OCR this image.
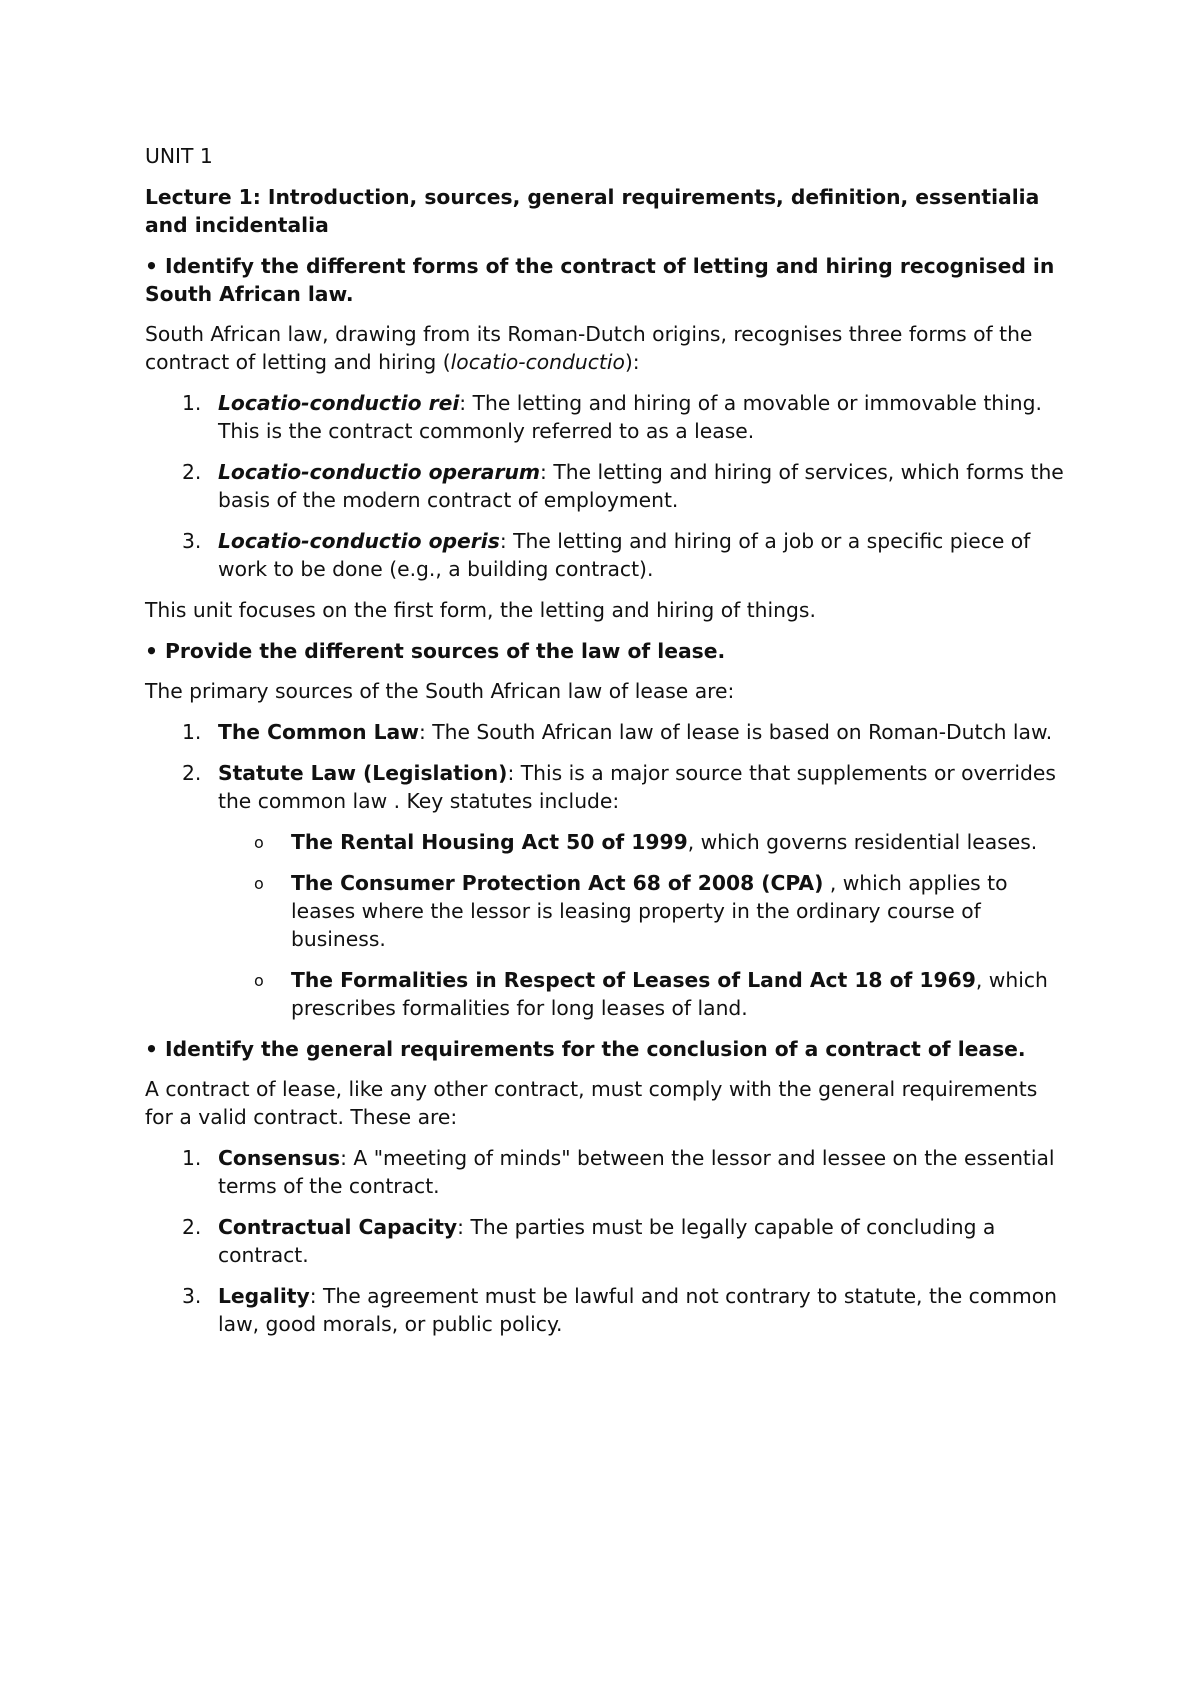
UNIT 1

Lecture 1: Introduction, sources, general requirements, definition, essentialia and incidentalia

• Identify the different forms of the contract of letting and hiring recognised in South African law.

South African law, drawing from its Roman-Dutch origins, recognises three forms of the contract of letting and hiring (locatio-conductio):

1. Locatio-conductio rei: The letting and hiring of a movable or immovable thing. This is the contract commonly referred to as a lease.
2. Locatio-conductio operarum: The letting and hiring of services, which forms the basis of the modern contract of employment.
3. Locatio-conductio operis: The letting and hiring of a job or a specific piece of work to be done (e.g., a building contract).

This unit focuses on the first form, the letting and hiring of things.

• Provide the different sources of the law of lease.

The primary sources of the South African law of lease are:

1. The Common Law: The South African law of lease is based on Roman-Dutch law.
2. Statute Law (Legislation): This is a major source that supplements or overrides the common law . Key statutes include:
o The Rental Housing Act 50 of 1999, which governs residential leases.
o The Consumer Protection Act 68 of 2008 (CPA) , which applies to leases where the lessor is leasing property in the ordinary course of business.
o The Formalities in Respect of Leases of Land Act 18 of 1969, which prescribes formalities for long leases of land.

• Identify the general requirements for the conclusion of a contract of lease.

A contract of lease, like any other contract, must comply with the general requirements for a valid contract. These are:

1. Consensus: A "meeting of minds" between the lessor and lessee on the essential terms of the contract.
2. Contractual Capacity: The parties must be legally capable of concluding a contract.
3. Legality: The agreement must be lawful and not contrary to statute, the common law, good morals, or public policy.
